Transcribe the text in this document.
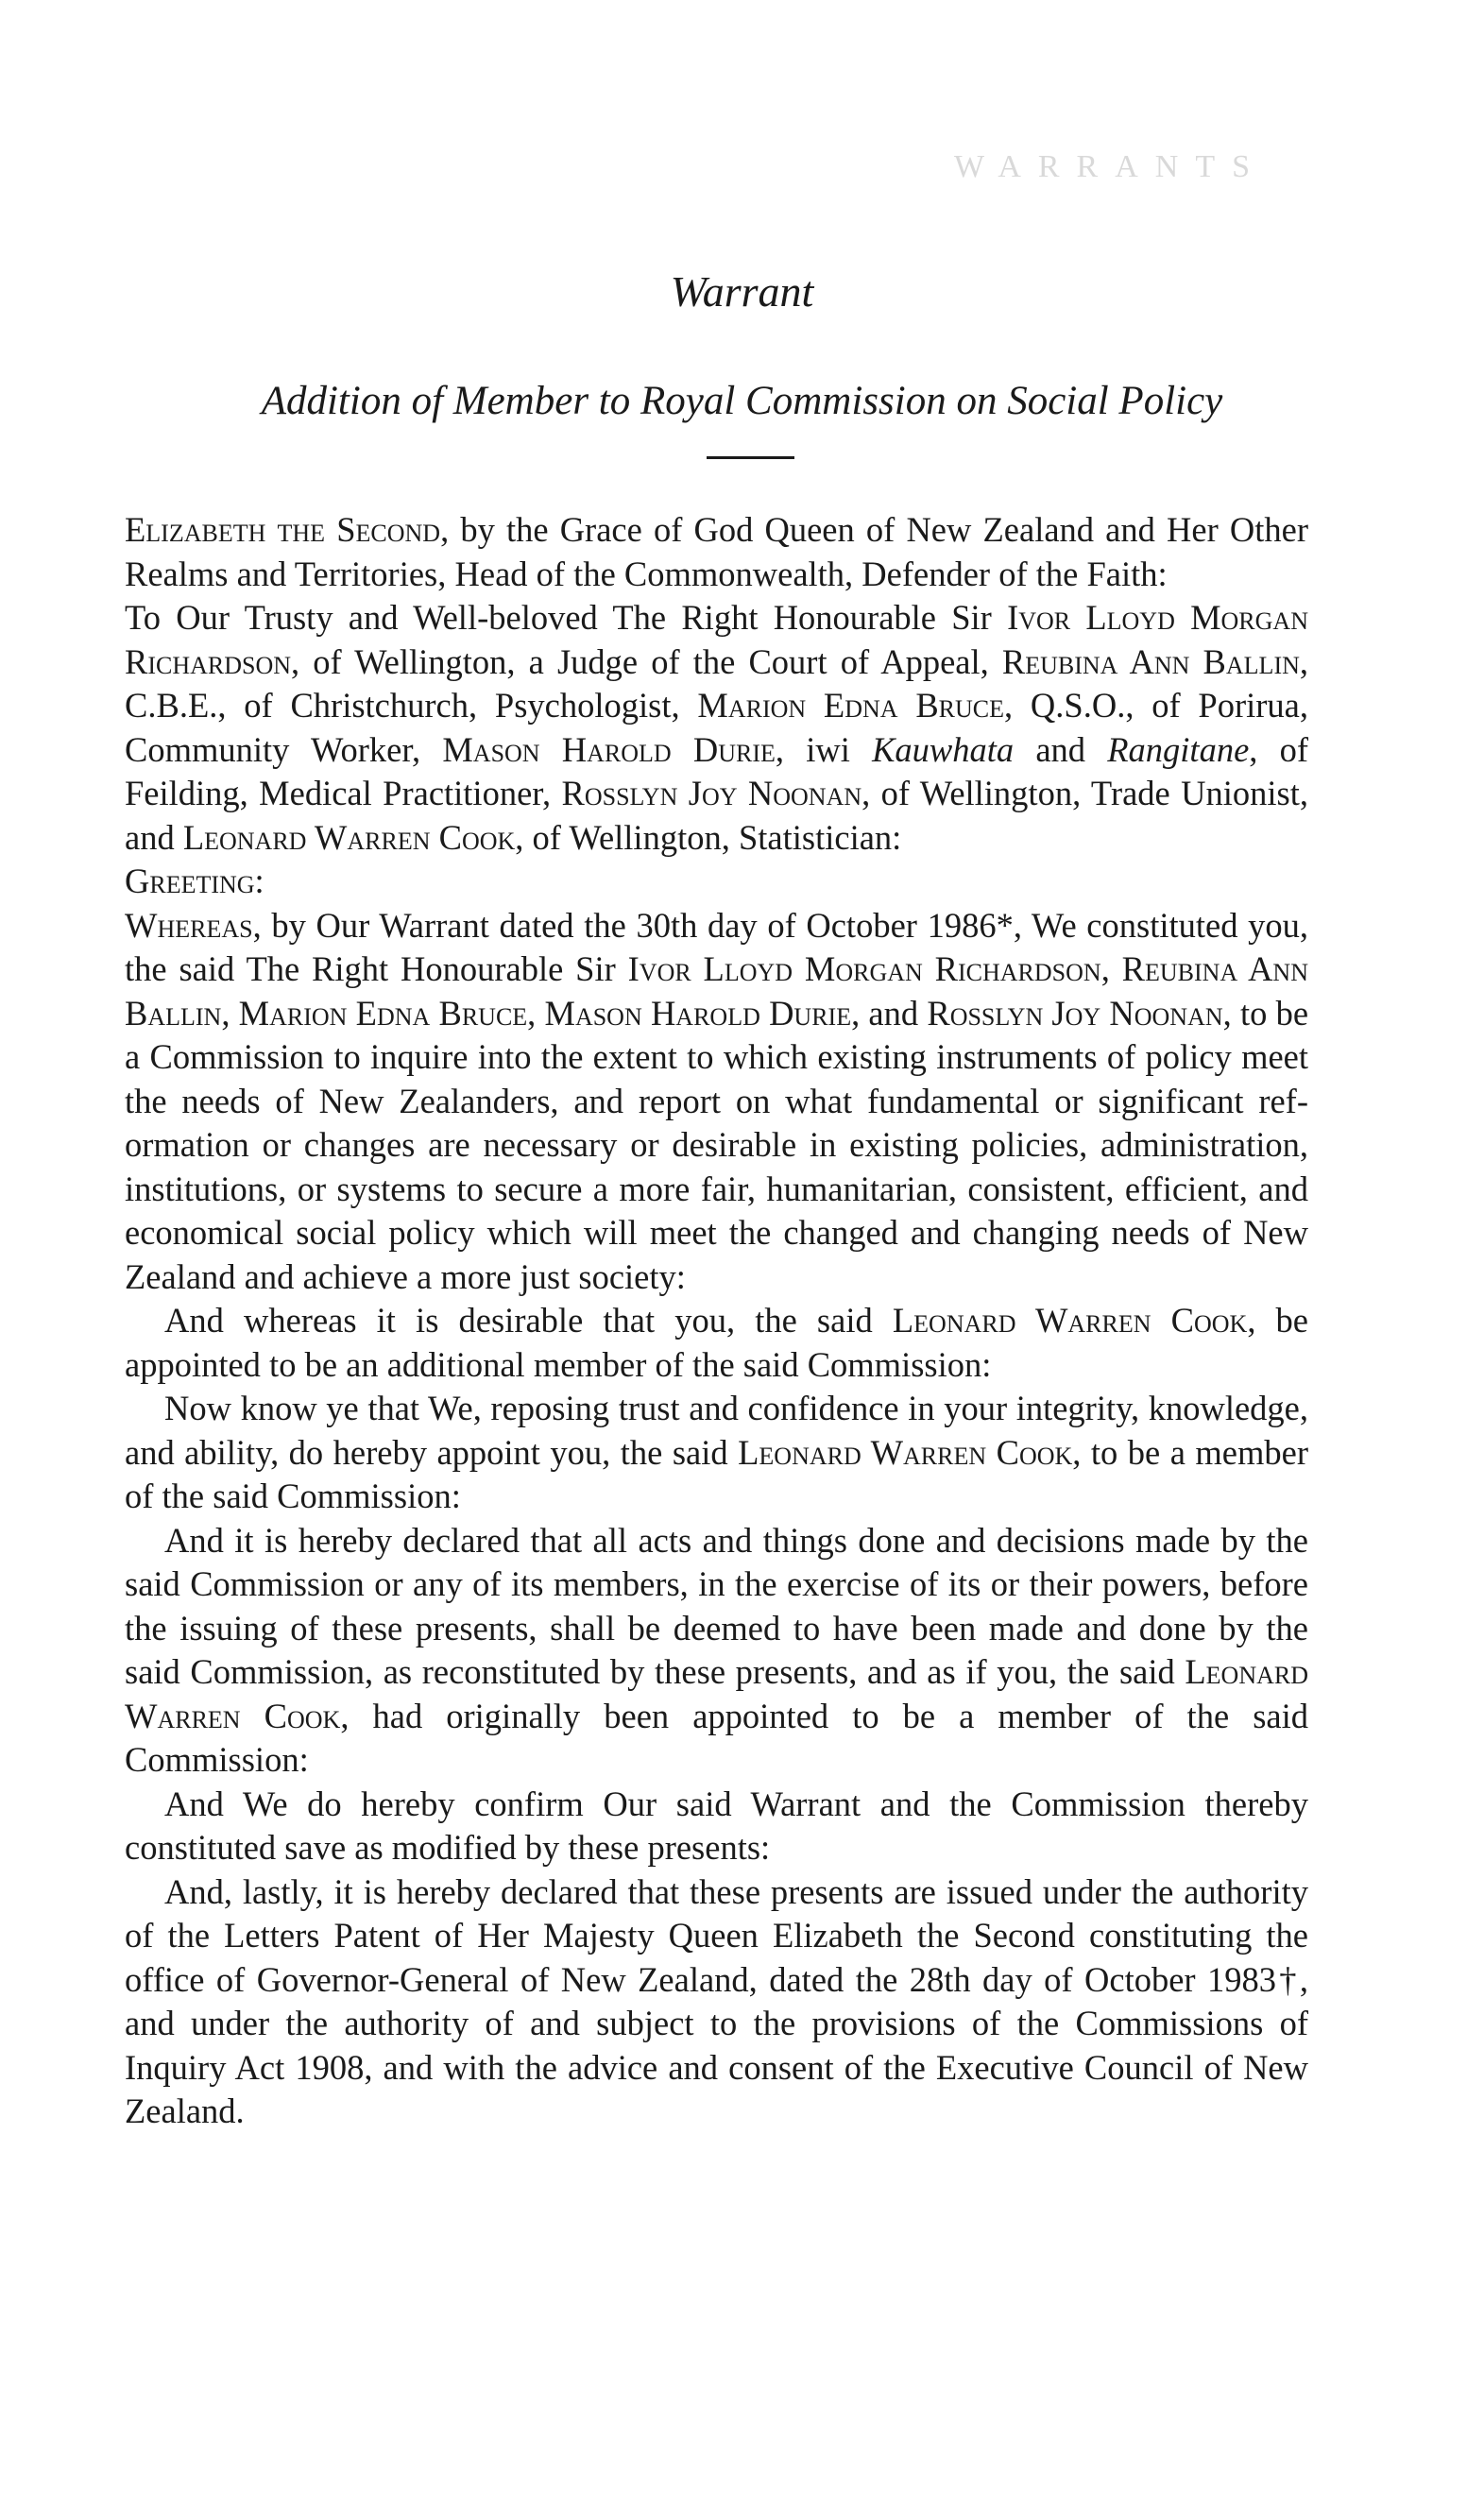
WARRANTS
Warrant
Addition of Member to Royal Commission on Social Policy

Elizabeth the Second, by the Grace of God Queen of New Zealand and Her Other Realms and Territories, Head of the Commonwealth, Defender of the Faith:

To Our Trusty and Well-beloved The Right Honourable Sir Ivor Lloyd Morgan Richardson, of Wellington, a Judge of the Court of Appeal, Reubina Ann Ballin, C.B.E., of Christchurch, Psychologist, Marion Edna Bruce, Q.S.O., of Porirua, Community Worker, Mason Harold Durie, iwi Kauwhata and Rangitane, of Feilding, Medical Practitioner, Rosslyn Joy Noonan, of Wellington, Trade Unionist, and Leonard Warren Cook, of Wellington, Statistician:

Greeting:

Whereas, by Our Warrant dated the 30th day of October 1986*, We constituted you, the said The Right Honourable Sir Ivor Lloyd Morgan Richardson, Reubina Ann Ballin, Marion Edna Bruce, Mason Harold Durie, and Rosslyn Joy Noonan, to be a Commission to inquire into the extent to which existing instruments of policy meet the needs of New Zealanders, and report on what fundamental or significant reformation or changes are necessary or desirable in existing policies, administration, institutions, or systems to secure a more fair, humanitarian, consistent, efficient, and economical social policy which will meet the changed and changing needs of New Zealand and achieve a more just society:

And whereas it is desirable that you, the said Leonard Warren Cook, be appointed to be an additional member of the said Commission:

Now know ye that We, reposing trust and confidence in your integrity, knowledge, and ability, do hereby appoint you, the said Leonard Warren Cook, to be a member of the said Commission:

And it is hereby declared that all acts and things done and decisions made by the said Commission or any of its members, in the exercise of its or their powers, before the issuing of these presents, shall be deemed to have been made and done by the said Commission, as reconstituted by these presents, and as if you, the said Leonard Warren Cook, had originally been appointed to be a member of the said Commission:

And We do hereby confirm Our said Warrant and the Commission thereby constituted save as modified by these presents:

And, lastly, it is hereby declared that these presents are issued under the authority of the Letters Patent of Her Majesty Queen Elizabeth the Second constituting the office of Governor-General of New Zealand, dated the 28th day of October 1983†, and under the authority of and subject to the provisions of the Commissions of Inquiry Act 1908, and with the advice and consent of the Executive Council of New Zealand.
